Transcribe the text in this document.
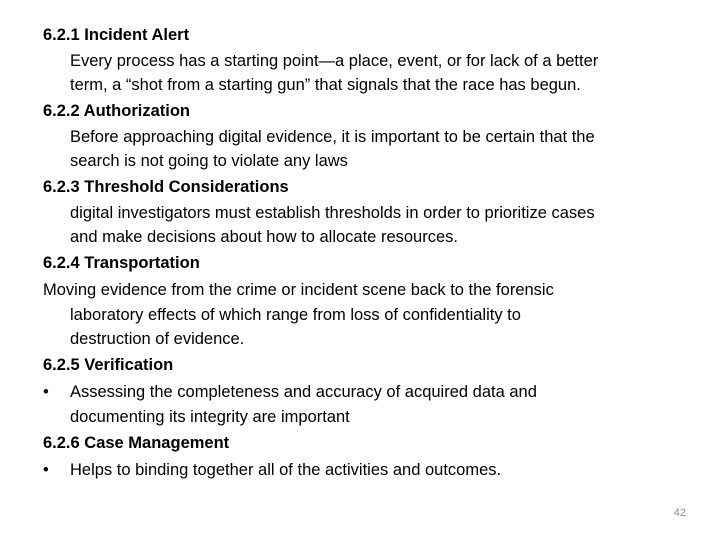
6.2.1 Incident Alert
Every process has a starting point—a place, event, or for lack of a better
term, a “shot from a starting gun” that signals that the race has begun.
6.2.2 Authorization
Before approaching digital evidence, it is important to be certain that the
search is not going to violate any laws
6.2.3 Threshold Considerations
digital investigators must establish thresholds in order to prioritize cases
and make decisions about how to allocate resources.
6.2.4 Transportation
Moving evidence from the crime or incident scene back to the forensic
laboratory effects of which range from loss of confidentiality to
destruction of evidence.
6.2.5 Verification
•	Assessing the completeness and accuracy of acquired data and
documenting its integrity are important
6.2.6 Case Management
•	Helps to binding together all of the activities and outcomes.
42
